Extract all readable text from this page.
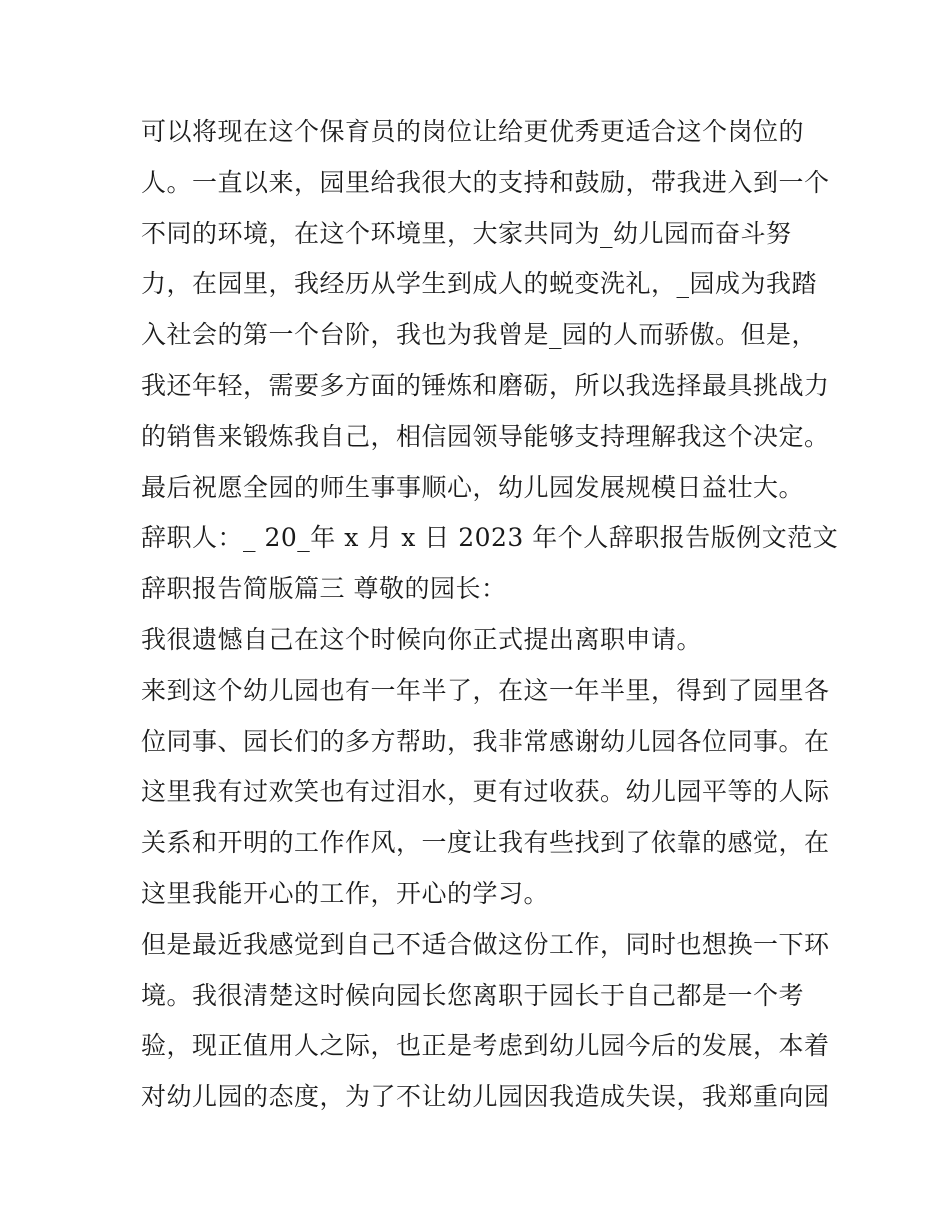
可以将现在这个保育员的岗位让给更优秀更适合这个岗位的
人。一直以来，园里给我很大的支持和鼓励，带我进入到一个
不同的环境，在这个环境里，大家共同为_幼儿园而奋斗努
力，在园里，我经历从学生到成人的蜕变洗礼，_园成为我踏
入社会的第一个台阶，我也为我曾是_园的人而骄傲。但是，
我还年轻，需要多方面的锤炼和磨砺，所以我选择最具挑战力
的销售来锻炼我自己，相信园领导能够支持理解我这个决定。
最后祝愿全园的师生事事顺心，幼儿园发展规模日益壮大。
辞职人：_ 20_年 x 月 x 日 2023 年个人辞职报告版例文范文
辞职报告简版篇三 尊敬的园长：
我很遗憾自己在这个时候向你正式提出离职申请。
来到这个幼儿园也有一年半了，在这一年半里，得到了园里各
位同事、园长们的多方帮助，我非常感谢幼儿园各位同事。在
这里我有过欢笑也有过泪水，更有过收获。幼儿园平等的人际
关系和开明的工作作风，一度让我有些找到了依靠的感觉，在
这里我能开心的工作，开心的学习。
但是最近我感觉到自己不适合做这份工作，同时也想换一下环
境。我很清楚这时候向园长您离职于园长于自己都是一个考
验，现正值用人之际，也正是考虑到幼儿园今后的发展，本着
对幼儿园的态度，为了不让幼儿园因我造成失误，我郑重向园
